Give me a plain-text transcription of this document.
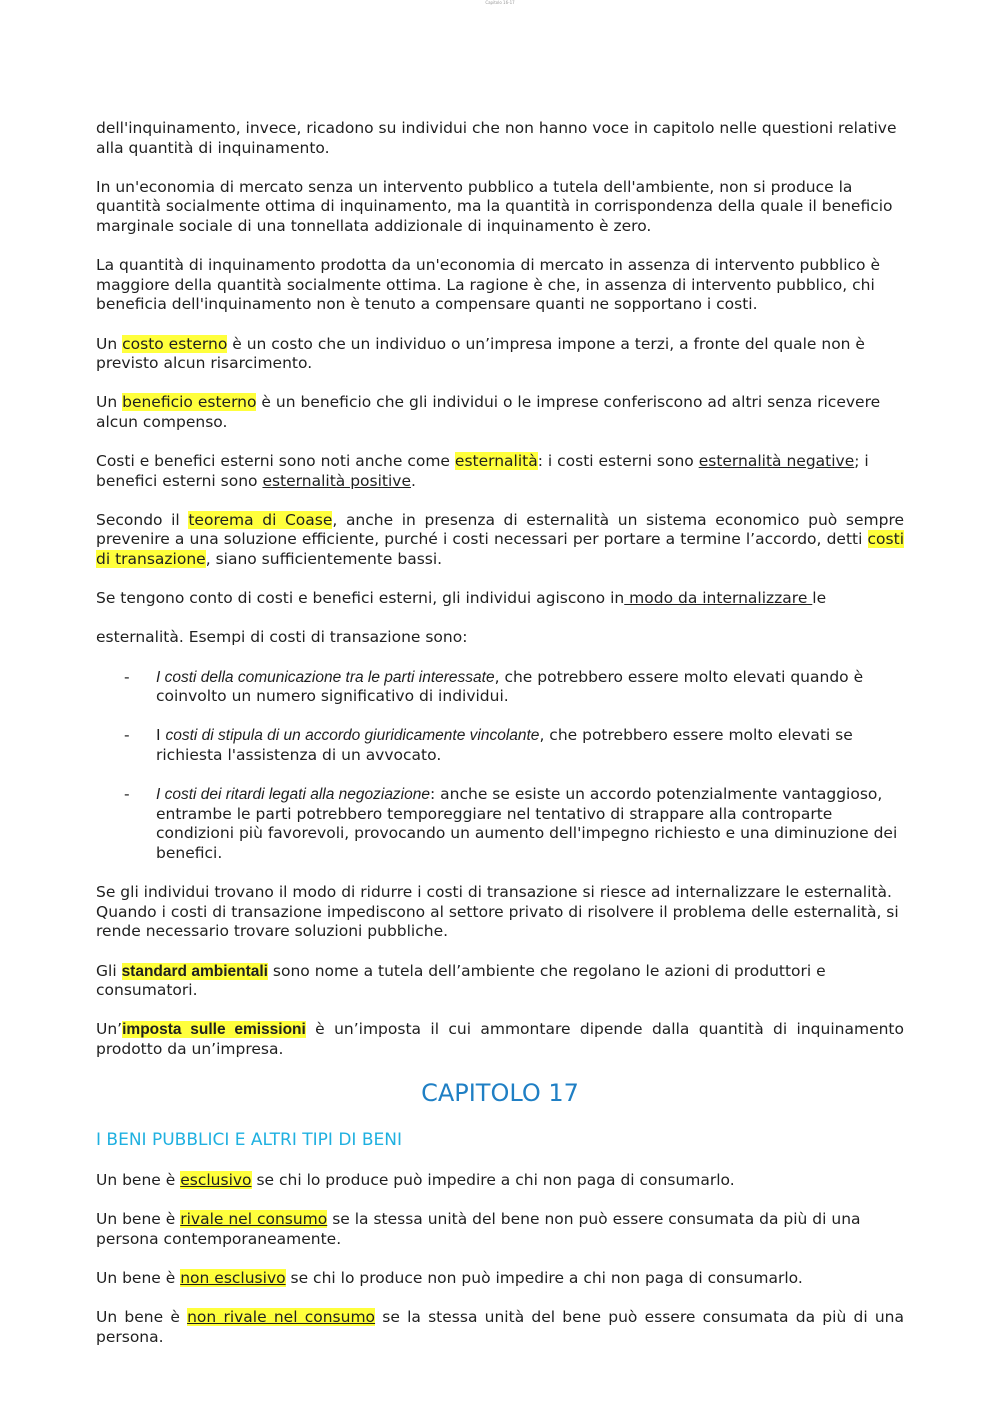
Capitolo 16-17

dell'inquinamento, invece, ricadono su individui che non hanno voce in capitolo nelle questioni relative alla quantità di inquinamento.

In un'economia di mercato senza un intervento pubblico a tutela dell'ambiente, non si produce la quantità socialmente ottima di inquinamento, ma la quantità in corrispondenza della quale il beneficio marginale sociale di una tonnellata addizionale di inquinamento è zero.

La quantità di inquinamento prodotta da un'economia di mercato in assenza di intervento pubblico è maggiore della quantità socialmente ottima. La ragione è che, in assenza di intervento pubblico, chi beneficia dell'inquinamento non è tenuto a compensare quanti ne sopportano i costi.

Un costo esterno è un costo che un individuo o un’impresa impone a terzi, a fronte del quale non è previsto alcun risarcimento.

Un beneficio esterno è un beneficio che gli individui o le imprese conferiscono ad altri senza ricevere alcun compenso.

Costi e benefici esterni sono noti anche come esternalità: i costi esterni sono esternalità negative; i benefici esterni sono esternalità positive.

Secondo il teorema di Coase, anche in presenza di esternalità un sistema economico può sempre prevenire a una soluzione efficiente, purché i costi necessari per portare a termine l’accordo, detti costi di transazione, siano sufficientemente bassi.

Se tengono conto di costi e benefici esterni, gli individui agiscono in modo da internalizzare le

esternalità. Esempi di costi di transazione sono:

- I costi della comunicazione tra le parti interessate, che potrebbero essere molto elevati quando è coinvolto un numero significativo di individui.
- I costi di stipula di un accordo giuridicamente vincolante, che potrebbero essere molto elevati se richiesta l'assistenza di un avvocato.
- I costi dei ritardi legati alla negoziazione: anche se esiste un accordo potenzialmente vantaggioso, entrambe le parti potrebbero temporeggiare nel tentativo di strappare alla controparte condizioni più favorevoli, provocando un aumento dell'impegno richiesto e una diminuzione dei benefici.

Se gli individui trovano il modo di ridurre i costi di transazione si riesce ad internalizzare le esternalità. Quando i costi di transazione impediscono al settore privato di risolvere il problema delle esternalità, si rende necessario trovare soluzioni pubbliche.

Gli standard ambientali sono nome a tutela dell’ambiente che regolano le azioni di produttori e consumatori.

Un’imposta sulle emissioni è un’imposta il cui ammontare dipende dalla quantità di inquinamento prodotto da un’impresa.

CAPITOLO 17
I BENI PUBBLICI E ALTRI TIPI DI BENI

Un bene è esclusivo se chi lo produce può impedire a chi non paga di consumarlo.

Un bene è rivale nel consumo se la stessa unità del bene non può essere consumata da più di una persona contemporaneamente.

Un bene è non esclusivo se chi lo produce non può impedire a chi non paga di consumarlo.

Un bene è non rivale nel consumo se la stessa unità del bene può essere consumata da più di una persona.
